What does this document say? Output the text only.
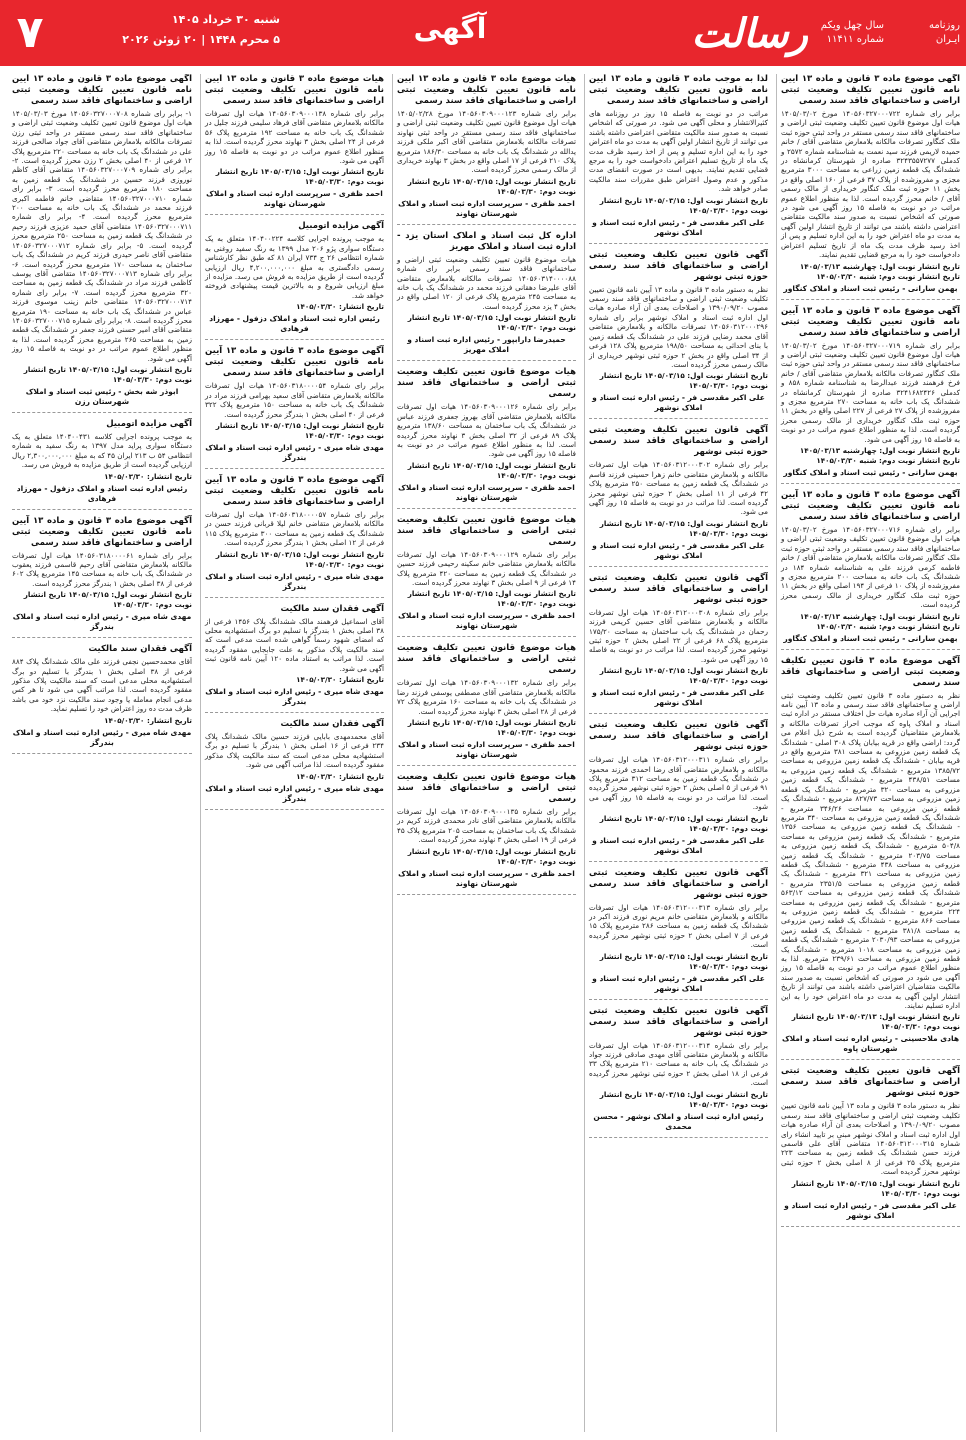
روزنامه
ایـران
سال چهل ویکم
شماره ۱۱۴۱۱
رسالت
آگهی
شنبه ۳۰ خرداد ۱۴۰۵
۵ محرم ۱۴۴۸ | ۲۰ ژوئن ۲۰۲۶
۷
آگهی موضوع ماده ۳ قانون و ماده ۱۳ آیین نامه قانون تعیین تکلیف وضعیت ثبتی اراضی و ساختمانهای فاقد سند رسمی
برابر رای شماره ۱۴۰۵۶۰۳۲۷۰۰۰۷۲۲ مورخ ۱۴۰۵/۰۳/۰۲ هیات اول موضوع قانون تعیین تکلیف وضعیت ثبتی اراضی و ساختمانهای فاقد سند رسمی مستقر در واحد ثبتی حوزه ثبت ملک کنگاور تصرفات مالکانه بلامعارض متقاضی آقای / خانم حمیده لاریمی فرزند سید نعمت به شناسنامه شماره ۲۵۷۲ و کدملی ۳۲۴۳۵۵۷۲۷۷ صادره از شهرستان کرمانشاه در ششدانگ یک قطعه زمین زراعی به مساحت ۳۰۰۰ مترمربع مجزی و مفروزشده از پلاک ۳۷ فرعی از ۱۶۰ اصلی واقع در بخش ۱۱ حوزه ثبت ملک کنگاور خریداری از مالک رسمی آقای / خانم محرز گردیده است. لذا به منظور اطلاع عموم مراتب در دو نوبت به فاصله ۱۵ روز آگهی می شود در صورتی که اشخاص نسبت به صدور سند مالکیت متقاضی اعتراضی داشته باشند می توانند از تاریخ انتشار اولین آگهی به مدت دو ماه اعتراض خود را به این اداره تسلیم و پس از اخذ رسید ظرف مدت یک ماه از تاریخ تسلیم اعتراض دادخواست خود را به مرجع قضایی تقدیم نمایند.
تاریخ انتشار نوبت اول: چهارشنبه ۱۴۰۵/۰۳/۱۳ تاریخ انتشار نوبت دوم: شنبه ۱۴۰۵/۰۳/۳۰
بهمن سارانی - رئیس ثبت اسناد و املاک کنگاور
آگهی موضوع ماده ۳ قانون و ماده ۱۳ آیین نامه قانون تعیین تکلیف وضعیت ثبتی اراضی و ساختمانهای فاقد سند رسمی
برابر رای شماره ۱۴۰۵۶۰۳۲۷۰۰۰۷۱۹ مورخ ۱۴۰۵/۰۳/۰۲ هیات اول موضوع قانون تعیین تکلیف وضعیت ثبتی اراضی و ساختمانهای فاقد سند رسمی مستقر در واحد ثبتی حوزه ثبت ملک کنگاور تصرفات مالکانه بلامعارض متقاضی آقای / خانم فرخ فرهمند فرزند عبدالرضا به شناسنامه شماره ۸۵۸ و کدملی ۳۲۴۱۶۸۲۴۲۶ صادره از شهرستان کرمانشاه در ششدانگ یک باب خانه به مساحت ۲۷۰ مترمربع مجزی و مفروزشده از پلاک ۲۷ فرعی از ۲۲۷ اصلی واقع در بخش ۱۱ حوزه ثبت ملک کنگاور خریداری از مالک رسمی محرز گردیده است. لذا به منظور اطلاع عموم مراتب در دو نوبت به فاصله ۱۵ روز آگهی می شود.
تاریخ انتشار نوبت اول: چهارشنبه ۱۴۰۵/۰۳/۱۳ تاریخ انتشار نوبت دوم: شنبه ۱۴۰۵/۰۳/۳۰
بهمن سارانی - رئیس ثبت اسناد و املاک کنگاور
آگهی موضوع ماده ۳ قانون و ماده ۱۳ آیین نامه قانون تعیین تکلیف وضعیت ثبتی اراضی و ساختمانهای فاقد سند رسمی
برابر رای شماره ۱۴۰۵۶۰۳۲۷۰۰۰۷۱۶ مورخ ۱۴۰۵/۰۳/۰۲ هیات اول موضوع قانون تعیین تکلیف وضعیت ثبتی اراضی و ساختمانهای فاقد سند رسمی مستقر در واحد ثبتی حوزه ثبت ملک کنگاور تصرفات مالکانه بلامعارض متقاضی آقای / خانم فاطمه کرمی فرزند علی به شناسنامه شماره ۱۸۴ در ششدانگ یک باب خانه به مساحت ۲۰۰ مترمربع مجزی و مفروزشده از پلاک ۱۰ فرعی از ۱۹۴ اصلی واقع در بخش ۱۱ حوزه ثبت ملک کنگاور خریداری از مالک رسمی محرز گردیده است.
تاریخ انتشار نوبت اول: چهارشنبه ۱۴۰۵/۰۳/۱۳ تاریخ انتشار نوبت دوم: شنبه ۱۴۰۵/۰۳/۳۰
بهمن سارانی - رئیس ثبت اسناد و املاک کنگاور
آگهی موضوع ماده ۳ قانون تعیین تکلیف وضعیت ثبتی اراضی و ساختمانهای فاقد سند رسمی
نظر به دستور ماده ۳ قانون تعیین تکلیف وضعیت ثبتی اراضی و ساختمانهای فاقد سند رسمی و ماده ۱۳ آیین نامه اجرایی آن آراء صادره هیات حل اختلاف مستقر در اداره ثبت اسناد و املاک پاوه که موجب احراز تصرفات مالکانه و بلامعارض متقاضیان گردیده است به شرح ذیل اعلام می گردد: اراضی واقع در قریه بیابان پلاک ۳۰۸ اصلی - ششدانگ یک قطعه زمین مزروعی به مساحت ۳۸۱ مترمربع واقع در قریه بیابان - ششدانگ یک قطعه زمین مزروعی به مساحت ۱۳۸۵/۷۲ مترمربع - ششدانگ یک قطعه زمین مزروعی به مساحت ۴۳۸/۵۱ مترمربع - ششدانگ یک قطعه زمین مزروعی به مساحت ۳۲۰ مترمربع - ششدانگ یک قطعه زمین مزروعی به مساحت ۸۲۷/۷۳ مترمربع - ششدانگ یک قطعه زمین مزروعی به مساحت ۳۴۶/۲۶ مترمربع - ششدانگ یک قطعه زمین مزروعی به مساحت ۳۴۰ مترمربع - ششدانگ یک قطعه زمین مزروعی به مساحت ۱۳۵۶ مترمربع - ششدانگ یک قطعه زمین مزروعی به مساحت ۵۰۴/۸ مترمربع - ششدانگ یک قطعه زمین مزروعی به مساحت ۲۰۳/۷۵ مترمربع - ششدانگ یک قطعه زمین مزروعی به مساحت ۴۳۸ مترمربع - ششدانگ یک قطعه زمین مزروعی به مساحت ۳۲۱ مترمربع - ششدانگ یک قطعه زمین مزروعی به مساحت ۲۳۵۱/۵ مترمربع - ششدانگ یک قطعه زمین مزروعی به مساحت ۵۶۳/۱۲ مترمربع - ششدانگ یک قطعه زمین مزروعی به مساحت ۲۲۴ مترمربع - ششدانگ یک قطعه زمین مزروعی به مساحت ۸۶۶ مترمربع - ششدانگ یک قطعه زمین مزروعی به مساحت ۳۸۱/۸ مترمربع - ششدانگ یک قطعه زمین مزروعی به مساحت ۲۰۳۰/۹۳ مترمربع - ششدانگ یک قطعه زمین مزروعی به مساحت ۱۰۱۸ مترمربع - ششدانگ یک قطعه زمین مزروعی به مساحت ۲۳۹/۶۱ مترمربع. لذا به منظور اطلاع عموم مراتب در دو نوبت به فاصله ۱۵ روز آگهی می شود در صورتی که اشخاص نسبت به صدور سند مالکیت متقاضیان اعتراضی داشته باشند می توانند از تاریخ انتشار اولین آگهی به مدت دو ماه اعتراض خود را به این اداره تسلیم نمایند.
تاریخ انتشار نوبت اول: ۱۴۰۵/۰۳/۱۳ تاریخ انتشار نوبت دوم: ۱۴۰۵/۰۳/۳۰
هادی ملاحسینی - رئیس اداره ثبت اسناد و املاک شهرستان پاوه
آگهی قانون تعیین تکلیف وضعیت ثبتی اراضی و ساختمانهای فاقد سند رسمی حوزه ثبتی نوشهر
نظر به دستور ماده ۳ قانون و ماده ۱۳ آیین نامه قانون تعیین تکلیف وضعیت ثبتی اراضی و ساختمانهای فاقد سند رسمی مصوب ۱۳۹۰/۰۹/۲۰ و اصلاحات بعدی آن آراء صادره هیات اول اداره ثبت اسناد و املاک نوشهر مبنی بر تایید انشاء رای شماره ۱۴۰۵۶۰۳۱۲۰۰۰۳۱۵ متقاضی آقای علی قاسمی فرزند حسن ششدانگ یک قطعه زمین به مساحت ۲۲۳ مترمربع پلاک ۲۵ فرعی از ۸ اصلی بخش ۲ حوزه ثبتی نوشهر محرز گردیده است.
تاریخ انتشار نوبت اول: ۱۴۰۵/۰۳/۱۵ تاریخ انتشار نوبت دوم: ۱۴۰۵/۰۳/۳۰
علی اکبر مقدسی فر - رئیس اداره ثبت اسناد و املاک نوشهر
لذا به موجب ماده ۳ قانون و ماده ۱۳ آیین نامه قانون تعیین تکلیف وضعیت ثبتی اراضی و ساختمانهای فاقد سند رسمی
مراتب در دو نوبت به فاصله ۱۵ روز در روزنامه های کثیرالانتشار و محلی آگهی می شود. در صورتی که اشخاص نسبت به صدور سند مالکیت متقاضی اعتراضی داشته باشند می توانند از تاریخ انتشار اولین آگهی به مدت دو ماه اعتراض خود را به این اداره تسلیم و پس از اخذ رسید ظرف مدت یک ماه از تاریخ تسلیم اعتراض دادخواست خود را به مرجع قضایی تقدیم نمایند. بدیهی است در صورت انقضای مدت مذکور و عدم وصول اعتراض طبق مقررات سند مالکیت صادر خواهد شد.
تاریخ انتشار نوبت اول: ۱۴۰۵/۰۳/۱۵ تاریخ انتشار نوبت دوم: ۱۴۰۵/۰۳/۳۰
علی اکبر مقدسی فر - رئیس اداره ثبت اسناد و املاک نوشهر
آگهی قانون تعیین تکلیف وضعیت ثبتی اراضی و ساختمانهای فاقد سند رسمی حوزه ثبتی نوشهر
نظر به دستور ماده ۳ قانون و ماده ۱۳ آیین نامه قانون تعیین تکلیف وضعیت ثبتی اراضی و ساختمانهای فاقد سند رسمی مصوب ۱۳۹۰/۰۹/۲۰ و اصلاحات بعدی آن آراء صادره هیات اول اداره ثبت اسناد و املاک نوشهر برابر رای شماره ۱۴۰۵۶۰۳۱۲۰۰۰۲۹۶ تصرفات مالکانه و بلامعارض متقاضی آقای محمد رضایی فرزند علی در ششدانگ یک قطعه زمین با بنای احداثی به مساحت ۱۹۸/۵۰ مترمربع پلاک ۱۲۸ فرعی از ۳۴ اصلی واقع در بخش ۲ حوزه ثبتی نوشهر خریداری از مالک رسمی محرز گردیده است.
تاریخ انتشار نوبت اول: ۱۴۰۵/۰۳/۱۵ تاریخ انتشار نوبت دوم: ۱۴۰۵/۰۳/۳۰
علی اکبر مقدسی فر - رئیس اداره ثبت اسناد و املاک نوشهر
آگهی قانون تعیین تکلیف وضعیت ثبتی اراضی و ساختمانهای فاقد سند رسمی حوزه ثبتی نوشهر
برابر رای شماره ۱۴۰۵۶۰۳۱۲۰۰۰۳۰۲ هیات اول تصرفات مالکانه و بلامعارض متقاضی خانم زهرا حسینی فرزند قاسم در ششدانگ یک قطعه زمین به مساحت ۲۵۰ مترمربع پلاک ۴۲ فرعی از ۱۱ اصلی بخش ۲ حوزه ثبتی نوشهر محرز گردیده است. لذا مراتب در دو نوبت به فاصله ۱۵ روز آگهی می شود.
تاریخ انتشار نوبت اول: ۱۴۰۵/۰۳/۱۵ تاریخ انتشار نوبت دوم: ۱۴۰۵/۰۳/۳۰
علی اکبر مقدسی فر - رئیس اداره ثبت اسناد و املاک نوشهر
آگهی قانون تعیین تکلیف وضعیت ثبتی اراضی و ساختمانهای فاقد سند رسمی حوزه ثبتی نوشهر
برابر رای شماره ۱۴۰۵۶۰۳۱۲۰۰۰۳۰۸ هیات اول تصرفات مالکانه و بلامعارض متقاضی آقای حسین کریمی فرزند رحمان در ششدانگ یک باب ساختمان به مساحت ۱۷۵/۲۰ مترمربع پلاک ۶۸ فرعی از ۲۲ اصلی بخش ۲ حوزه ثبتی نوشهر محرز گردیده است. لذا مراتب در دو نوبت به فاصله ۱۵ روز آگهی می شود.
تاریخ انتشار نوبت اول: ۱۴۰۵/۰۳/۱۵ تاریخ انتشار نوبت دوم: ۱۴۰۵/۰۳/۳۰
علی اکبر مقدسی فر - رئیس اداره ثبت اسناد و املاک نوشهر
آگهی قانون تعیین تکلیف وضعیت ثبتی اراضی و ساختمانهای فاقد سند رسمی حوزه ثبتی نوشهر
برابر رای شماره ۱۴۰۵۶۰۳۱۲۰۰۰۳۱۱ هیات اول تصرفات مالکانه و بلامعارض متقاضی آقای رضا احمدی فرزند محمود در ششدانگ یک قطعه زمین به مساحت ۳۱۲ مترمربع پلاک ۹۱ فرعی از ۵ اصلی بخش ۲ حوزه ثبتی نوشهر محرز گردیده است. لذا مراتب در دو نوبت به فاصله ۱۵ روز آگهی می شود.
تاریخ انتشار نوبت اول: ۱۴۰۵/۰۳/۱۵ تاریخ انتشار نوبت دوم: ۱۴۰۵/۰۳/۳۰
علی اکبر مقدسی فر - رئیس اداره ثبت اسناد و املاک نوشهر
آگهی قانون تعیین تکلیف وضعیت ثبتی اراضی و ساختمانهای فاقد سند رسمی حوزه ثبتی نوشهر
برابر رای شماره ۱۴۰۵۶۰۳۱۲۰۰۰۳۱۳ هیات اول تصرفات مالکانه و بلامعارض متقاضی خانم مریم نوری فرزند اکبر در ششدانگ یک قطعه زمین به مساحت ۲۸۶ مترمربع پلاک ۱۵ فرعی از ۷ اصلی بخش ۲ حوزه ثبتی نوشهر محرز گردیده است.
تاریخ انتشار نوبت اول: ۱۴۰۵/۰۳/۱۵ تاریخ انتشار نوبت دوم: ۱۴۰۵/۰۳/۳۰
علی اکبر مقدسی فر - رئیس اداره ثبت اسناد و املاک نوشهر
آگهی قانون تعیین تکلیف وضعیت ثبتی اراضی و ساختمانهای فاقد سند رسمی حوزه ثبتی نوشهر
برابر رای شماره ۱۴۰۵۶۰۳۱۲۰۰۰۳۱۴ هیات اول تصرفات مالکانه و بلامعارض متقاضی آقای مهدی صادقی فرزند جواد در ششدانگ یک باب خانه به مساحت ۲۱۰ مترمربع پلاک ۳۳ فرعی از ۱۸ اصلی بخش ۲ حوزه ثبتی نوشهر محرز گردیده است.
تاریخ انتشار نوبت اول: ۱۴۰۵/۰۳/۱۵ تاریخ انتشار نوبت دوم: ۱۴۰۵/۰۳/۳۰
رئیس اداره ثبت اسناد و املاک نوشهر - محسن محمدی
هیات موضوع ماده ۳ قانون و ماده ۱۳ آیین نامه قانون تعیین تکلیف وضعیت ثبتی اراضی و ساختمانهای فاقد سند رسمی
برابر رای شماره ۱۴۰۵۶۰۳۰۹۰۰۰۱۲۳ مورخ ۱۴۰۵/۰۲/۲۸ هیات اول موضوع قانون تعیین تکلیف وضعیت ثبتی اراضی و ساختمانهای فاقد سند رسمی مستقر در واحد ثبتی نهاوند تصرفات مالکانه بلامعارض متقاضی آقای اکبر ملکی فرزند یدالله در ششدانگ یک باب خانه به مساحت ۱۸۶/۳۰ مترمربع پلاک ۲۱۰ فرعی از ۱۷ اصلی واقع در بخش ۳ نهاوند خریداری از مالک رسمی محرز گردیده است.
تاریخ انتشار نوبت اول: ۱۴۰۵/۰۳/۱۵ تاریخ انتشار نوبت دوم: ۱۴۰۵/۰۳/۳۰
احمد ظفری - سرپرست اداره ثبت اسناد و املاک شهرستان نهاوند
اداره کل ثبت اسناد و املاک استان یزد - اداره ثبت اسناد و املاک مهریز
هیات موضوع قانون تعیین تکلیف وضعیت ثبتی اراضی و ساختمانهای فاقد سند رسمی برابر رای شماره ۱۴۰۵۶۰۳۱۴۰۰۰۰۸۸ تصرفات مالکانه بلامعارض متقاضی آقای علیرضا دهقانی فرزند محمد در ششدانگ یک باب خانه به مساحت ۲۴۵ مترمربع پلاک فرعی از ۱۲۰ اصلی واقع در بخش ۴ یزد محرز گردیده است.
تاریخ انتشار نوبت اول: ۱۴۰۵/۰۳/۱۵ تاریخ انتشار نوبت دوم: ۱۴۰۵/۰۳/۳۰
حمیدرضا دارابپور - رئیس اداره ثبت اسناد و املاک مهریز
هیات موضوع قانون تعیین تکلیف وضعیت ثبتی اراضی و ساختمانهای فاقد سند رسمی
برابر رای شماره ۱۴۰۵۶۰۳۰۹۰۰۰۱۲۶ هیات اول تصرفات مالکانه بلامعارض متقاضی آقای بهروز جعفری فرزند عباس در ششدانگ یک باب ساختمان به مساحت ۱۳۸/۶۰ مترمربع پلاک ۸۹ فرعی از ۳۲ اصلی بخش ۳ نهاوند محرز گردیده است. لذا به منظور اطلاع عموم مراتب در دو نوبت به فاصله ۱۵ روز آگهی می شود.
تاریخ انتشار نوبت اول: ۱۴۰۵/۰۳/۱۵ تاریخ انتشار نوبت دوم: ۱۴۰۵/۰۳/۳۰
احمد ظفری - سرپرست اداره ثبت اسناد و املاک شهرستان نهاوند
هیات موضوع قانون تعیین تکلیف وضعیت ثبتی اراضی و ساختمانهای فاقد سند رسمی
برابر رای شماره ۱۴۰۵۶۰۳۰۹۰۰۰۱۲۹ هیات اول تصرفات مالکانه بلامعارض متقاضی خانم سکینه رحیمی فرزند حسین در ششدانگ یک قطعه زمین به مساحت ۴۲۰ مترمربع پلاک ۱۴ فرعی از ۹ اصلی بخش ۳ نهاوند محرز گردیده است.
تاریخ انتشار نوبت اول: ۱۴۰۵/۰۳/۱۵ تاریخ انتشار نوبت دوم: ۱۴۰۵/۰۳/۳۰
احمد ظفری - سرپرست اداره ثبت اسناد و املاک شهرستان نهاوند
هیات موضوع قانون تعیین تکلیف وضعیت ثبتی اراضی و ساختمانهای فاقد سند رسمی
برابر رای شماره ۱۴۰۵۶۰۳۰۹۰۰۰۱۳۲ هیات اول تصرفات مالکانه بلامعارض متقاضی آقای مصطفی یوسفی فرزند رضا در ششدانگ یک باب خانه به مساحت ۱۶۰ مترمربع پلاک ۷۲ فرعی از ۲۸ اصلی بخش ۳ نهاوند محرز گردیده است.
تاریخ انتشار نوبت اول: ۱۴۰۵/۰۳/۱۵ تاریخ انتشار نوبت دوم: ۱۴۰۵/۰۳/۳۰
احمد ظفری - سرپرست اداره ثبت اسناد و املاک شهرستان نهاوند
هیات موضوع قانون تعیین تکلیف وضعیت ثبتی اراضی و ساختمانهای فاقد سند رسمی
برابر رای شماره ۱۴۰۵۶۰۳۰۹۰۰۰۱۳۵ هیات اول تصرفات مالکانه بلامعارض متقاضی آقای نادر محمدی فرزند کریم در ششدانگ یک باب ساختمان به مساحت ۲۰۵ مترمربع پلاک ۴۵ فرعی از ۱۹ اصلی بخش ۳ نهاوند محرز گردیده است.
تاریخ انتشار نوبت اول: ۱۴۰۵/۰۳/۱۵ تاریخ انتشار نوبت دوم: ۱۴۰۵/۰۳/۳۰
احمد ظفری - سرپرست اداره ثبت اسناد و املاک شهرستان نهاوند
هیات موضوع ماده ۳ قانون و ماده ۱۳ آیین نامه قانون تعیین تکلیف وضعیت ثبتی اراضی و ساختمانهای فاقد سند رسمی
برابر رای شماره ۱۴۰۵۶۰۳۰۹۰۰۰۱۳۸ هیات اول تصرفات مالکانه بلامعارض متقاضی آقای فرهاد سلیمی فرزند جلیل در ششدانگ یک باب خانه به مساحت ۱۹۲ مترمربع پلاک ۵۶ فرعی از ۲۴ اصلی بخش ۳ نهاوند محرز گردیده است. لذا به منظور اطلاع عموم مراتب در دو نوبت به فاصله ۱۵ روز آگهی می شود.
تاریخ انتشار نوبت اول: ۱۴۰۵/۰۳/۱۵ تاریخ انتشار نوبت دوم: ۱۴۰۵/۰۳/۳۰
احمد ظفری - سرپرست اداره ثبت اسناد و املاک شهرستان نهاوند
آگهی مزایده اتومبیل
به موجب پرونده اجرایی کلاسه ۱۴۰۴۰۰۲۲۴ متعلق به یک دستگاه سواری پژو ۲۰۶ مدل ۱۳۹۹ به رنگ سفید روغنی به شماره انتظامی ۲۶ ج ۷۳۴ ایران ۸۱ که طبق نظر کارشناس رسمی دادگستری به مبلغ ۴,۲۰۰,۰۰۰,۰۰۰ ریال ارزیابی گردیده است از طریق مزایده به فروش می رسد. مزایده از مبلغ ارزیابی شروع و به بالاترین قیمت پیشنهادی فروخته خواهد شد.
تاریخ انتشار: ۱۴۰۵/۰۳/۳۰
رئیس اداره ثبت اسناد و املاک دزفول - مهرزاد فرهادی
آگهی موضوع ماده ۳ قانون و ماده ۱۳ آیین نامه قانون تعیین تکلیف وضعیت ثبتی اراضی و ساختمانهای فاقد سند رسمی
برابر رای شماره ۱۴۰۵۶۰۳۱۸۰۰۰۰۵۴ هیات اول تصرفات مالکانه بلامعارض متقاضی آقای سعید بهرامی فرزند مراد در ششدانگ یک باب خانه به مساحت ۱۵۰ مترمربع پلاک ۳۲۲ فرعی از ۴۰ اصلی بخش ۱ بندرگز محرز گردیده است.
تاریخ انتشار نوبت اول: ۱۴۰۵/۰۳/۱۵ تاریخ انتشار نوبت دوم: ۱۴۰۵/۰۳/۳۰
مهدی شاه میری - رئیس اداره ثبت اسناد و املاک بندرگز
آگهی موضوع ماده ۳ قانون و ماده ۱۳ آیین نامه قانون تعیین تکلیف وضعیت ثبتی اراضی و ساختمانهای فاقد سند رسمی
برابر رای شماره ۱۴۰۵۶۰۳۱۸۰۰۰۰۵۷ هیات اول تصرفات مالکانه بلامعارض متقاضی خانم لیلا قربانی فرزند حسن در ششدانگ یک قطعه زمین به مساحت ۳۰۰ مترمربع پلاک ۱۱۵ فرعی از ۱۲ اصلی بخش ۱ بندرگز محرز گردیده است.
تاریخ انتشار نوبت اول: ۱۴۰۵/۰۳/۱۵ تاریخ انتشار نوبت دوم: ۱۴۰۵/۰۳/۳۰
مهدی شاه میری - رئیس اداره ثبت اسناد و املاک بندرگز
آگهی فقدان سند مالکیت
آقای اسماعیل فرهمند مالک ششدانگ پلاک ۱۴۵۶ فرعی از ۳۸ اصلی بخش ۱ بندرگز با تسلیم دو برگ استشهادیه محلی که امضای شهود رسماً گواهی شده است مدعی است که سند مالکیت پلاک مذکور به علت جابجایی مفقود گردیده است. لذا مراتب به استناد ماده ۱۲۰ آیین نامه قانون ثبت آگهی می شود.
تاریخ انتشار: ۱۴۰۵/۰۳/۳۰
مهدی شاه میری - رئیس اداره ثبت اسناد و املاک بندرگز
آگهی فقدان سند مالکیت
آقای محمدمهدی بابایی فرزند حسین مالک ششدانگ پلاک ۲۳۴ فرعی از ۱۶ اصلی بخش ۱ بندرگز با تسلیم دو برگ استشهادیه محلی مدعی است که سند مالکیت پلاک مذکور مفقود گردیده است. لذا مراتب آگهی می شود.
تاریخ انتشار: ۱۴۰۵/۰۳/۳۰
مهدی شاه میری - رئیس اداره ثبت اسناد و املاک بندرگز
آگهی موضوع ماده ۳ قانون و ماده ۱۳ آیین نامه قانون تعیین تکلیف وضعیت ثبتی اراضی و ساختمانهای فاقد سند رسمی
۱- برابر رای شماره ۱۴۰۵۶۰۳۲۷۰۰۰۷۰۸ مورخ ۱۴۰۵/۰۳/۰۳ هیات اول موضوع قانون تعیین تکلیف وضعیت ثبتی اراضی و ساختمانهای فاقد سند رسمی مستقر در واحد ثبتی رزن تصرفات مالکانه بلامعارض متقاضی آقای جواد صالحی فرزند علی در ششدانگ یک باب خانه به مساحت ۲۲۰ مترمربع پلاک ۱۲ فرعی از ۴۰ اصلی بخش ۲ رزن محرز گردیده است. ۲- برابر رای شماره ۱۴۰۵۶۰۳۲۷۰۰۰۷۰۹ متقاضی آقای کاظم نوروزی فرزند حسین در ششدانگ یک قطعه زمین به مساحت ۱۸۰ مترمربع محرز گردیده است. ۳- برابر رای شماره ۱۴۰۵۶۰۳۲۷۰۰۰۷۱۰ متقاضی خانم فاطمه اکبری فرزند محمد در ششدانگ یک باب خانه به مساحت ۲۰۰ مترمربع محرز گردیده است. ۴- برابر رای شماره ۱۴۰۵۶۰۳۲۷۰۰۰۷۱۱ متقاضی آقای حمید عزیزی فرزند رحیم در ششدانگ یک قطعه زمین به مساحت ۲۵۰ مترمربع محرز گردیده است. ۵- برابر رای شماره ۱۴۰۵۶۰۳۲۷۰۰۰۷۱۲ متقاضی آقای ناصر حیدری فرزند کریم در ششدانگ یک باب ساختمان به مساحت ۱۷۰ مترمربع محرز گردیده است. ۶- برابر رای شماره ۱۴۰۵۶۰۳۲۷۰۰۰۷۱۳ متقاضی آقای یوسف کاظمی فرزند مراد در ششدانگ یک قطعه زمین به مساحت ۳۲۰ مترمربع محرز گردیده است. ۷- برابر رای شماره ۱۴۰۵۶۰۳۲۷۰۰۰۷۱۴ متقاضی خانم زینب موسوی فرزند عباس در ششدانگ یک باب خانه به مساحت ۱۹۰ مترمربع محرز گردیده است. ۸- برابر رای شماره ۱۴۰۵۶۰۳۲۷۰۰۰۷۱۵ متقاضی آقای امیر حسنی فرزند جعفر در ششدانگ یک قطعه زمین به مساحت ۲۶۵ مترمربع محرز گردیده است. لذا به منظور اطلاع عموم مراتب در دو نوبت به فاصله ۱۵ روز آگهی می شود.
تاریخ انتشار نوبت اول: ۱۴۰۵/۰۳/۱۵ تاریخ انتشار نوبت دوم: ۱۴۰۵/۰۳/۳۰
ابوذر شه بخش - رئیس ثبت اسناد و املاک شهرستان رزن
آگهی مزایده اتومبیل
به موجب پرونده اجرایی کلاسه ۱۴۰۴۰۰۴۳۱ متعلق به یک دستگاه سواری پراید مدل ۱۳۹۷ به رنگ سفید به شماره انتظامی ۵۴ ب ۲۱۳ ایران ۴۵ که به مبلغ ۲,۳۰۰,۰۰۰,۰۰۰ ریال ارزیابی گردیده است از طریق مزایده به فروش می رسد.
تاریخ انتشار: ۱۴۰۵/۰۳/۳۰
رئیس اداره ثبت اسناد و املاک دزفول - مهرزاد فرهادی
آگهی موضوع ماده ۳ قانون و ماده ۱۳ آیین نامه قانون تعیین تکلیف وضعیت ثبتی اراضی و ساختمانهای فاقد سند رسمی
برابر رای شماره ۱۴۰۵۶۰۳۱۸۰۰۰۰۶۱ هیات اول تصرفات مالکانه بلامعارض متقاضی آقای رحیم قاسمی فرزند یعقوب در ششدانگ یک باب خانه به مساحت ۱۴۵ مترمربع پلاک ۶۰۲ فرعی از ۳۸ اصلی بخش ۱ بندرگز محرز گردیده است.
تاریخ انتشار نوبت اول: ۱۴۰۵/۰۳/۱۵ تاریخ انتشار نوبت دوم: ۱۴۰۵/۰۳/۳۰
مهدی شاه میری - رئیس اداره ثبت اسناد و املاک بندرگز
آگهی فقدان سند مالکیت
آقای محمدحسین نجفی فرزند علی مالک ششدانگ پلاک ۸۸۴ فرعی از ۳۸ اصلی بخش ۱ بندرگز با تسلیم دو برگ استشهادیه محلی مدعی است که سند مالکیت پلاک مذکور مفقود گردیده است. لذا مراتب آگهی می شود تا هر کس مدعی انجام معامله یا وجود سند مالکیت نزد خود می باشد ظرف مدت ده روز اعتراض خود را تسلیم نماید.
تاریخ انتشار: ۱۴۰۵/۰۳/۳۰
مهدی شاه میری - رئیس اداره ثبت اسناد و املاک بندرگز
